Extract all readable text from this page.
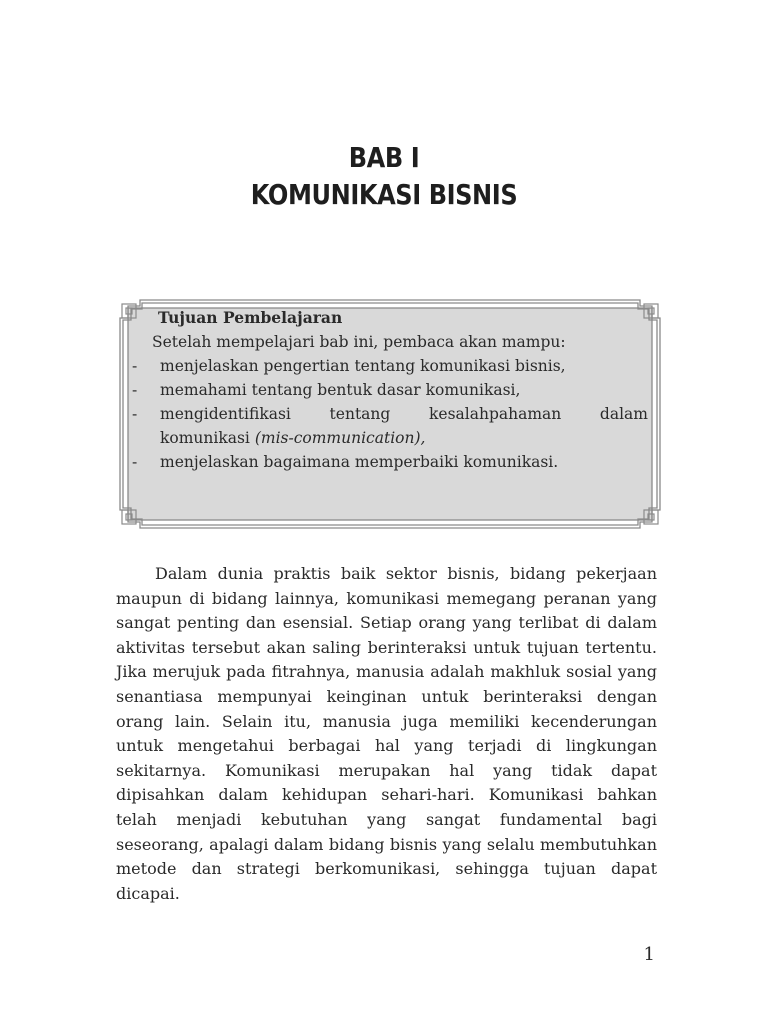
BAB I
KOMUNIKASI BISNIS
Tujuan Pembelajaran
Setelah mempelajari bab ini, pembaca akan mampu:
- menjelaskan pengertian tentang komunikasi bisnis,
- memahami tentang bentuk dasar komunikasi,
- mengidentifikasi tentang kesalahpahaman dalam
komunikasi (mis-communication),
- menjelaskan bagaimana memperbaiki komunikasi.

Dalam dunia praktis baik sektor bisnis, bidang pekerjaan maupun di bidang lainnya, komunikasi memegang peranan yang sangat penting dan esensial. Setiap orang yang terlibat di dalam aktivitas tersebut akan saling berinteraksi untuk tujuan tertentu. Jika merujuk pada fitrahnya, manusia adalah makhluk sosial yang senantiasa mempunyai keinginan untuk berinteraksi dengan orang lain. Selain itu, manusia juga memiliki kecenderungan untuk mengetahui berbagai hal yang terjadi di lingkungan sekitarnya. Komunikasi merupakan hal yang tidak dapat dipisahkan dalam kehidupan sehari-hari. Komunikasi bahkan telah menjadi kebutuhan yang sangat fundamental bagi seseorang, apalagi dalam bidang bisnis yang selalu membutuhkan metode dan strategi berkomunikasi, sehingga tujuan dapat dicapai.

1
